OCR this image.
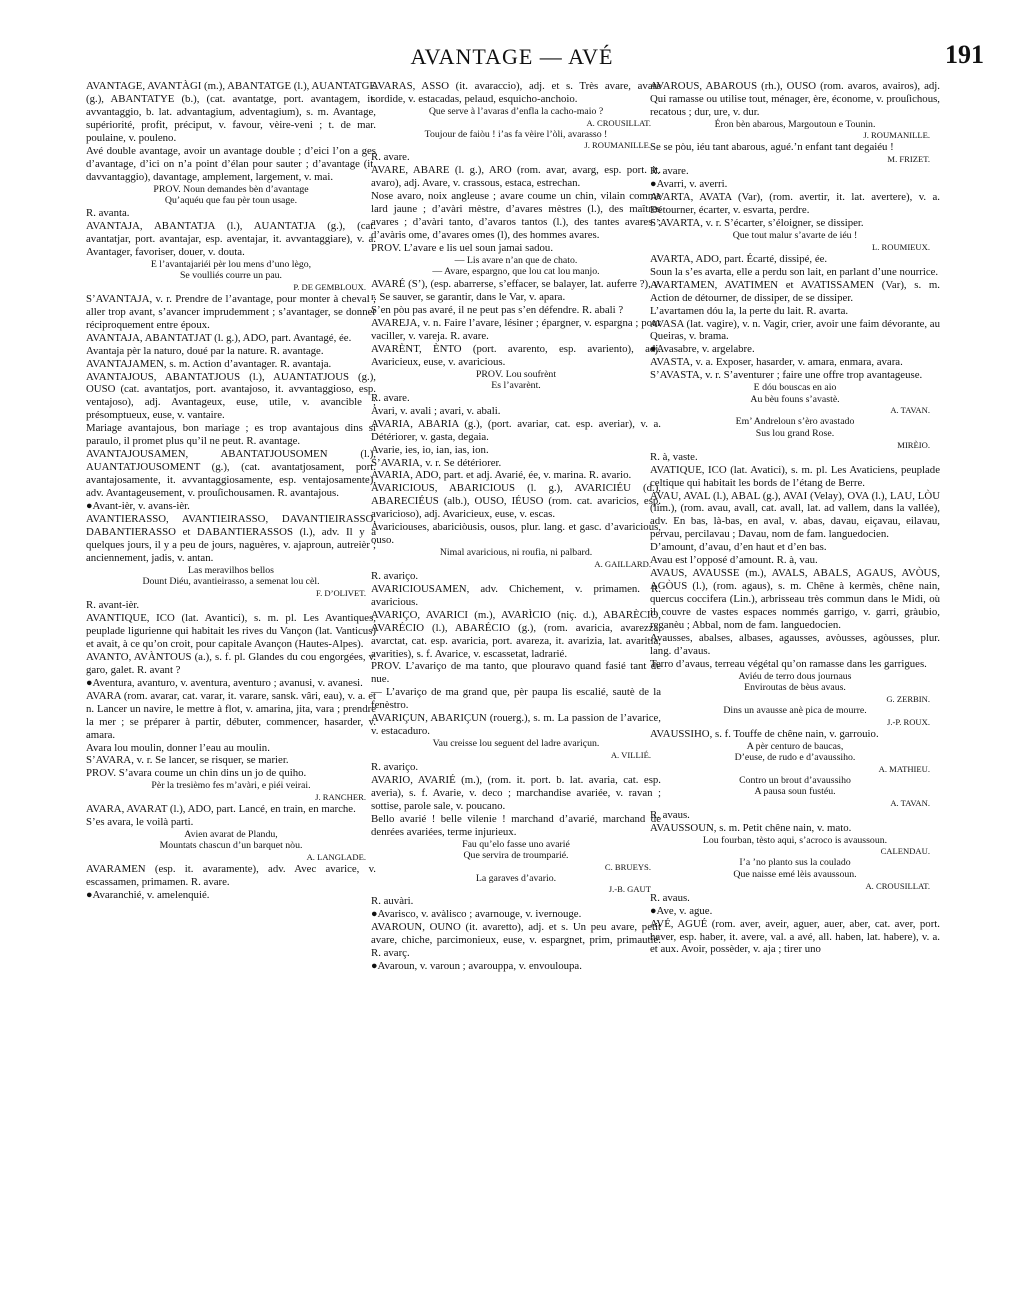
AVANTAGE — AVÉ	191

AVANTAGE, AVANTÀGI (m.), ABANTATGE (l.), AUANTATGE (g.), ABANTATYE (b.), (cat. avantatge, port. avantagem, it. avvantaggio, b. lat. advantagium, adventagium), s. m. Avantage, supériorité, profit, préciput, v. favour, vèire-veni ; t. de mar. poulaine, v. pouleno.

Avé double avantage, avoir un avantage double ; d’eici l’on a ges d’avantage, d’ici on n’a point d’élan pour sauter ; d’avantage (it. davvantaggio), davantage, amplement, largement, v. mai.

PROV. Noun demandes bèn d’avantage

Qu’aquéu que fau pèr toun usage.

R. avanta.

AVANTAJA, ABANTATJA (l.), AUANTATJA (g.), (cat. avantatjar, port. avantajar, esp. aventajar, it. avvantaggiare), v. a. Avantager, favoriser, douer, v. douta.

E l’avantajariéi pèr lou mens d’uno lègo,

Se voulliés courre un pau.

P. DE GEMBLOUX.

S’AVANTAJA, v. r. Prendre de l’avantage, pour monter à cheval ; aller trop avant, s’avancer imprudemment ; s’avantager, se donner réciproquement entre époux.

AVANTAJA, ABANTATJAT (l. g.), ADO, part. Avantagé, ée.

Avantaja pèr la naturo, doué par la nature. R. avantage.

AVANTAJAMEN, s. m. Action d’avantager. R. avantaja.

AVANTAJOUS, ABANTATJOUS (l.), AUANTATJOUS (g.), OUSO (cat. avantatjos, port. avantajoso, it. avvantaggioso, esp. ventajoso), adj. Avantageux, euse, utile, v. avancible ; présomptueux, euse, v. vantaire.

Mariage avantajous, bon mariage ; es trop avantajous dins si paraulo, il promet plus qu’il ne peut. R. avantage.

AVANTAJOUSAMEN, ABANTATJOUSOMEN (l.), AUANTATJOUSOMENT (g.), (cat. avantatjosament, port. avantajosamente, it. avvantaggiosamente, esp. ventajosamente), adv. Avantageusement, v. prouſichousamen. R. avantajous.

●Avant-ièr, v. avans-ièr.

AVANTIERASSO, AVANTIEIRASSO, DAVANTIEIRASSO, DABANTIERASSO et DABANTIERASSOS (l.), adv. Il y a quelques jours, il y a peu de jours, naguères, v. ajaproun, autreièr ; anciennement, jadis, v. antan.

Las meravilhos bellos

Dount Diéu, avantieirasso, a semenat lou cèl.

F. D’OLIVET.

R. avant-ièr.

AVANTIQUE, ICO (lat. Avantici), s. m. pl. Les Avantiques, peuplade ligurienne qui habitait les rives du Vançon (lat. Vanticus) et avait, à ce qu’on croit, pour capitale Avançon (Hautes-Alpes).

AVANTO, AVÀNTOUS (a.), s. f. pl. Glandes du cou engorgées, v. garo, galet. R. avant ?

●Aventura, avanturo, v. aventura, aventuro ; avanusi, v. avanesi.

AVARA (rom. avarar, cat. varar, it. varare, sansk. vâri, eau), v. a. et n. Lancer un navire, le mettre à flot, v. amarina, jita, vara ; prendre la mer ; se préparer à partir, débuter, commencer, hasarder, v. amara.

Avara lou moulin, donner l’eau au moulin.

S’AVARA, v. r. Se lancer, se risquer, se marier.

PROV. S’avara coume un chin dins un jo de quiho.

Pèr la tresièmo fes m’avàri, e piéi veirai.

J. RANCHER.

AVARA, AVARAT (l.), ADO, part. Lancé, en train, en marche.

S’es avara, le voilà parti.

Avien avarat de Plandu,

Mountats chascun d’un barquet nòu.

A. LANGLADE.

AVARAMEN (esp. it. avaramente), adv. Avec avarice, v. escassamen, primamen. R. avare.

●Avaranchié, v. amelenquié.

AVARAS, ASSO (it. avaraccio), adj. et s. Très avare, avare sordide, v. estacadas, pelaud, esquicho-anchoio.

Que serve à l’avaras d’enfla la cacho-maio ?

A. CROUSILLAT.

Toujour de faiòu ! i’as fa vèire l’òli, avarasso !

J. ROUMANILLE.

R. avare.

AVARE, ABARE (l. g.), ARO (rom. avar, avarg, esp. port. it. avaro), adj. Avare, v. crassous, estaca, estrechan.

Nose avaro, noix angleuse ; avare coume un chin, vilain comme lard jaune ; d’avàri mèstre, d’avares mèstres (l.), des maîtres avares ; d’avàri tanto, d’avaros tantos (l.), des tantes avares ; d’avàris ome, d’avares omes (l), des hommes avares.

PROV. L’avare e lis uel soun jamai sadou.

— Lis avare n’an que de chato.

— Avare, espargno, que lou cat lou manjo.

AVARÉ (S’), (esp. abarrerse, s’effacer, se balayer, lat. auferre ?), v. r. Se sauver, se garantir, dans le Var, v. apara.

S’en pòu pas avaré, il ne peut pas s’en défendre. R. abali ?

AVAREJA, v. n. Faire l’avare, lésiner ; épargner, v. espargna ; pour vaciller, v. vareja. R. avare.

AVARÈNT, ÈNTO (port. avarento, esp. avariento), adj. Avaricieux, euse, v. avaricious.

PROV. Lou soufrènt

Es l’avarènt.

R. avare.

Avari, v. avali ; avari, v. abali.

AVARIA, ABARIA (g.), (port. avariar, cat. esp. averiar), v. a. Détériorer, v. gasta, degaia.

Avarie, ies, io, ian, ias, ion.

S’AVARIA, v. r. Se détériorer.

AVARIA, ADO, part. et adj. Avarié, ée, v. marina. R. avario.

AVARICIOUS, ABARICIOUS (l. g.), AVARICIÉU (d.), ABARECIÉUS (alb.), OUSO, IÉUSO (rom. cat. avaricios, esp. avaricioso), adj. Avaricieux, euse, v. escas.

Avariciouses, abariciòusis, ousos, plur. lang. et gasc. d’avaricious, ouso.

Nimal avaricious, ni roufia, ni palbard.

A. GAILLARD.

R. avariço.

AVARICIOUSAMEN, adv. Chichement, v. primamen. R. avaricious.

AVARIÇO, AVARICI (m.), AVARÌCIO (niç. d.), ABARÈCIO, AVARÉCIO (l.), ABARÉCIO (g.), (rom. avaricia, avarezza, avarctat, cat. esp. avaricia, port. avareza, it. avarizia, lat. avaritia, avarities), s. f. Avarice, v. escassetat, ladrarié.

PROV. L’avariço de ma tanto, que plouravo quand fasié tant de nue.

— L’avariço de ma grand que, pèr paupa lis escalié, sautè de la fenèstro.

AVARIÇUN, ABARIÇUN (rouerg.), s. m. La passion de l’avarice, v. estacaduro.

Vau creisse lou seguent del ladre avariçun.

A. VILLIÉ.

R. avariço.

AVARIO, AVARIÉ (m.), (rom. it. port. b. lat. avaria, cat. esp. averia), s. f. Avarie, v. deco ; marchandise avariée, v. ravan ; sottise, parole sale, v. poucano.

Bello avarié ! belle vilenie ! marchand d’avarié, marchand de denrées avariées, terme injurieux.

Fau qu’elo fasse uno avarié

Que servira de troumparié.

C. BRUEYS.

La garaves d’avario.

J.-B. GAUT

R. auvàri.

●Avarisco, v. avàlisco ; avarnouge, v. ivernouge.

AVAROUN, OUNO (it. avaretto), adj. et s. Un peu avare, petit avare, chiche, parcimonieux, euse, v. espargnet, prim, primautié. R. avarç.

●Avaroun, v. varoun ; avarouppa, v. envouloupa.

AVAROUS, ABAROUS (rh.), OUSO (rom. avaros, avairos), adj. Qui ramasse ou utilise tout, ménager, ère, économe, v. prouſichous, recatous ; dur, ure, v. dur.

Éron bèn abarous, Margoutoun e Tounin.

J. ROUMANILLE.

Se se pòu, iéu tant abarous, agué.’n enfant tant degaiéu !

M. FRIZET.

R. avare.

●Avarri, v. averri.

AVARTA, AVATA (Var), (rom. avertir, it. lat. avertere), v. a. Détourner, écarter, v. esvarta, perdre.

S’AVARTA, v. r. S’écarter, s’éloigner, se dissiper.

Que tout malur s’avarte de iéu !

L. ROUMIEUX.

AVARTA, ADO, part. Écarté, dissipé, ée.

Soun la s’es avarta, elle a perdu son lait, en parlant d’une nourrice.

AVARTAMEN, AVATIMEN et AVATISSAMEN (Var), s. m. Action de détourner, de dissiper, de se dissiper.

L’avartamen dóu la, la perte du lait. R. avarta.

AVASA (lat. vagire), v. n. Vagir, crier, avoir une faim dévorante, au Queiras, v. brama.

●Avasabre, v. argelabre.

AVASTA, v. a. Exposer, hasarder, v. amara, enmara, avara.

S’AVASTA, v. r. S’aventurer ; faire une offre trop avantageuse.

E dóu bouscas en aio

Au bèu founs s’avastè.

A. TAVAN.

Em’ Andreloun s’èro avastado

Sus lou grand Rose.

MIRÈIO.

R. à, vaste.

AVATIQUE, ICO (lat. Avatici), s. m. pl. Les Avaticiens, peuplade celtique qui habitait les bords de l’étang de Berre.

AVAU, AVAL (l.), ABAL (g.), AVAI (Velay), OVA (l.), LAU, LÒU (lim.), (rom. avau, avall, cat. avall, lat. ad vallem, dans la vallée), adv. En bas, là-bas, en aval, v. abas, davau, eiçavau, eilavau, pervau, percilavau ; Davau, nom de fam. languedocien.

D’amount, d’avau, d’en haut et d’en bas.

Avau est l’opposé d’amount. R. à, vau.

AVAUS, AVAUSSE (m.), AVALS, ABALS, AGAUS, AVÒUS, AGÒUS (l.), (rom. agaus), s. m. Chêne à kermès, chêne nain, quercus coccifera (Lin.), arbrisseau très commun dans le Midi, où il couvre de vastes espaces nommés garrigo, v. garri, gràubio, reganèu ; Abbal, nom de fam. languedocien.

Avausses, abalses, albases, agausses, avòusses, agòusses, plur. lang. d’avaus.

Terro d’avaus, terreau végétal qu’on ramasse dans les garrigues.

Aviéu de terro dous journaus

Enviroutas de bèus avaus.

G. ZERBIN.

Dins un avausse anè pica de mourre.

J.-P. ROUX.

AVAUSSIHO, s. f. Touffe de chêne nain, v. garrouio.

A pèr centuro de baucas,

D’euse, de rudo e d’avaussiho.

A. MATHIEU.

Contro un brout d’avaussiho

A pausa soun fustéu.

A. TAVAN.

R. avaus.

AVAUSSOUN, s. m. Petit chêne nain, v. mato.

Lou fourban, tèsto aqui, s’acroco is avaussoun.

CALENDAU.

I’a ’no planto sus la coulado

Que naisse emé lèis avaussoun.

A. CROUSILLAT.

R. avaus.

●Ave, v. ague.

AVÉ, AGUÉ (rom. aver, aveir, aguer, auer, aber, cat. aver, port. haver, esp. haber, it. avere, val. a avé, all. haben, lat. habere), v. a. et aux. Avoir, possèder, v. aja ; tirer uno
